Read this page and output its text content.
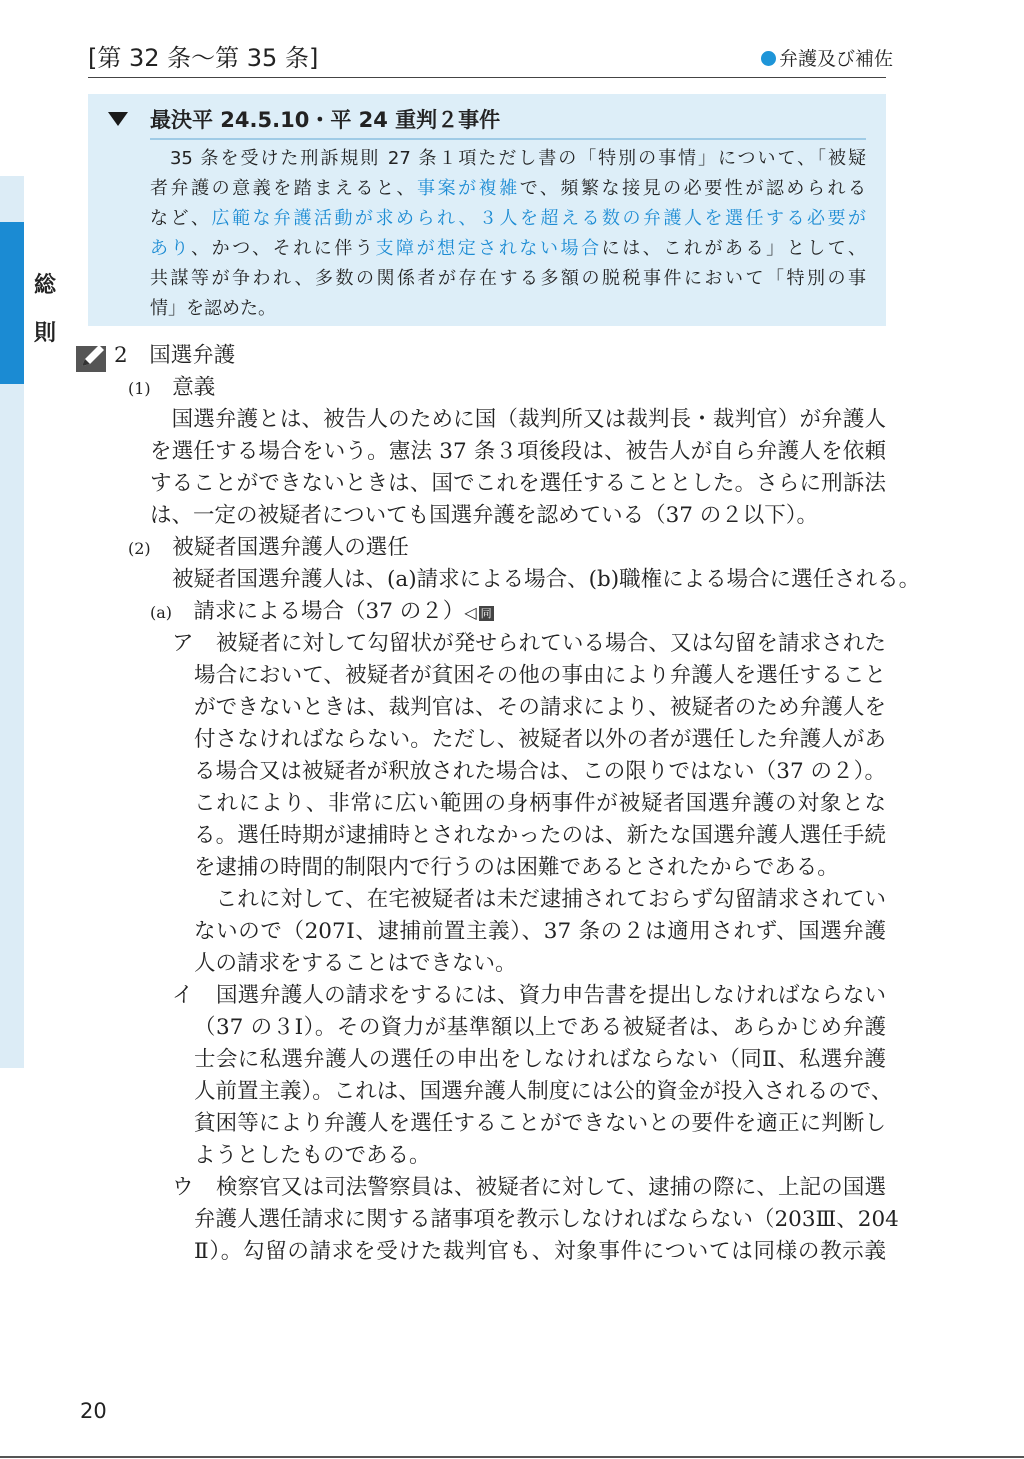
[第 32 条〜第 35 条]	弁護及び補佐
総
則
最決平 24.5.10・平 24 重判２事件
　35 条を受けた刑訴規則 27 条１項ただし書の「特別の事情」について、「被疑
者弁護の意義を踏まえると、事案が複雑で、頻繁な接見の必要性が認められる
など、広範な弁護活動が求められ、３人を超える数の弁護人を選任する必要が
あり、かつ、それに伴う支障が想定されない場合には、これがある」として、
共謀等が争われ、多数の関係者が存在する多額の脱税事件において「特別の事
情」を認めた。
2　 国選弁護
(1)　 意義
　国選弁護とは、被告人のために国（裁判所又は裁判長・裁判官）が弁護人
を選任する場合をいう。憲法 37 条３項後段は、被告人が自ら弁護人を依頼
することができないときは、国でこれを選任することとした。さらに刑訴法
は、一定の被疑者についても国選弁護を認めている（37 の２以下）。
(2)　 被疑者国選弁護人の選任
被疑者国選弁護人は、(a)請求による場合、(b)職権による場合に選任される。
(a)　 請求による場合（37 の２）◁ 同
ア 被疑者に対して勾留状が発せられている場合、又は勾留を請求された
場合において、被疑者が貧困その他の事由により弁護人を選任すること
ができないときは、裁判官は、その請求により、被疑者のため弁護人を
付さなければならない。ただし、被疑者以外の者が選任した弁護人があ
る場合又は被疑者が釈放された場合は、この限りではない（37 の２）。
これにより、非常に広い範囲の身柄事件が被疑者国選弁護の対象とな
る。選任時期が逮捕時とされなかったのは、新たな国選弁護人選任手続
を逮捕の時間的制限内で行うのは困難であるとされたからである。
　これに対して、在宅被疑者は未だ逮捕されておらず勾留請求されてい
ないので（207Ⅰ、逮捕前置主義）、37 条の２は適用されず、国選弁護
人の請求をすることはできない。
イ 国選弁護人の請求をするには、資力申告書を提出しなければならない
（37 の３Ⅰ）。その資力が基準額以上である被疑者は、あらかじめ弁護
士会に私選弁護人の選任の申出をしなければならない（同Ⅱ、私選弁護
人前置主義）。これは、国選弁護人制度には公的資金が投入されるので、
貧困等により弁護人を選任することができないとの要件を適正に判断し
ようとしたものである。
ウ 検察官又は司法警察員は、被疑者に対して、逮捕の際に、上記の国選
弁護人選任請求に関する諸事項を教示しなければならない（203Ⅲ、204
Ⅱ）。勾留の請求を受けた裁判官も、対象事件については同様の教示義
20
